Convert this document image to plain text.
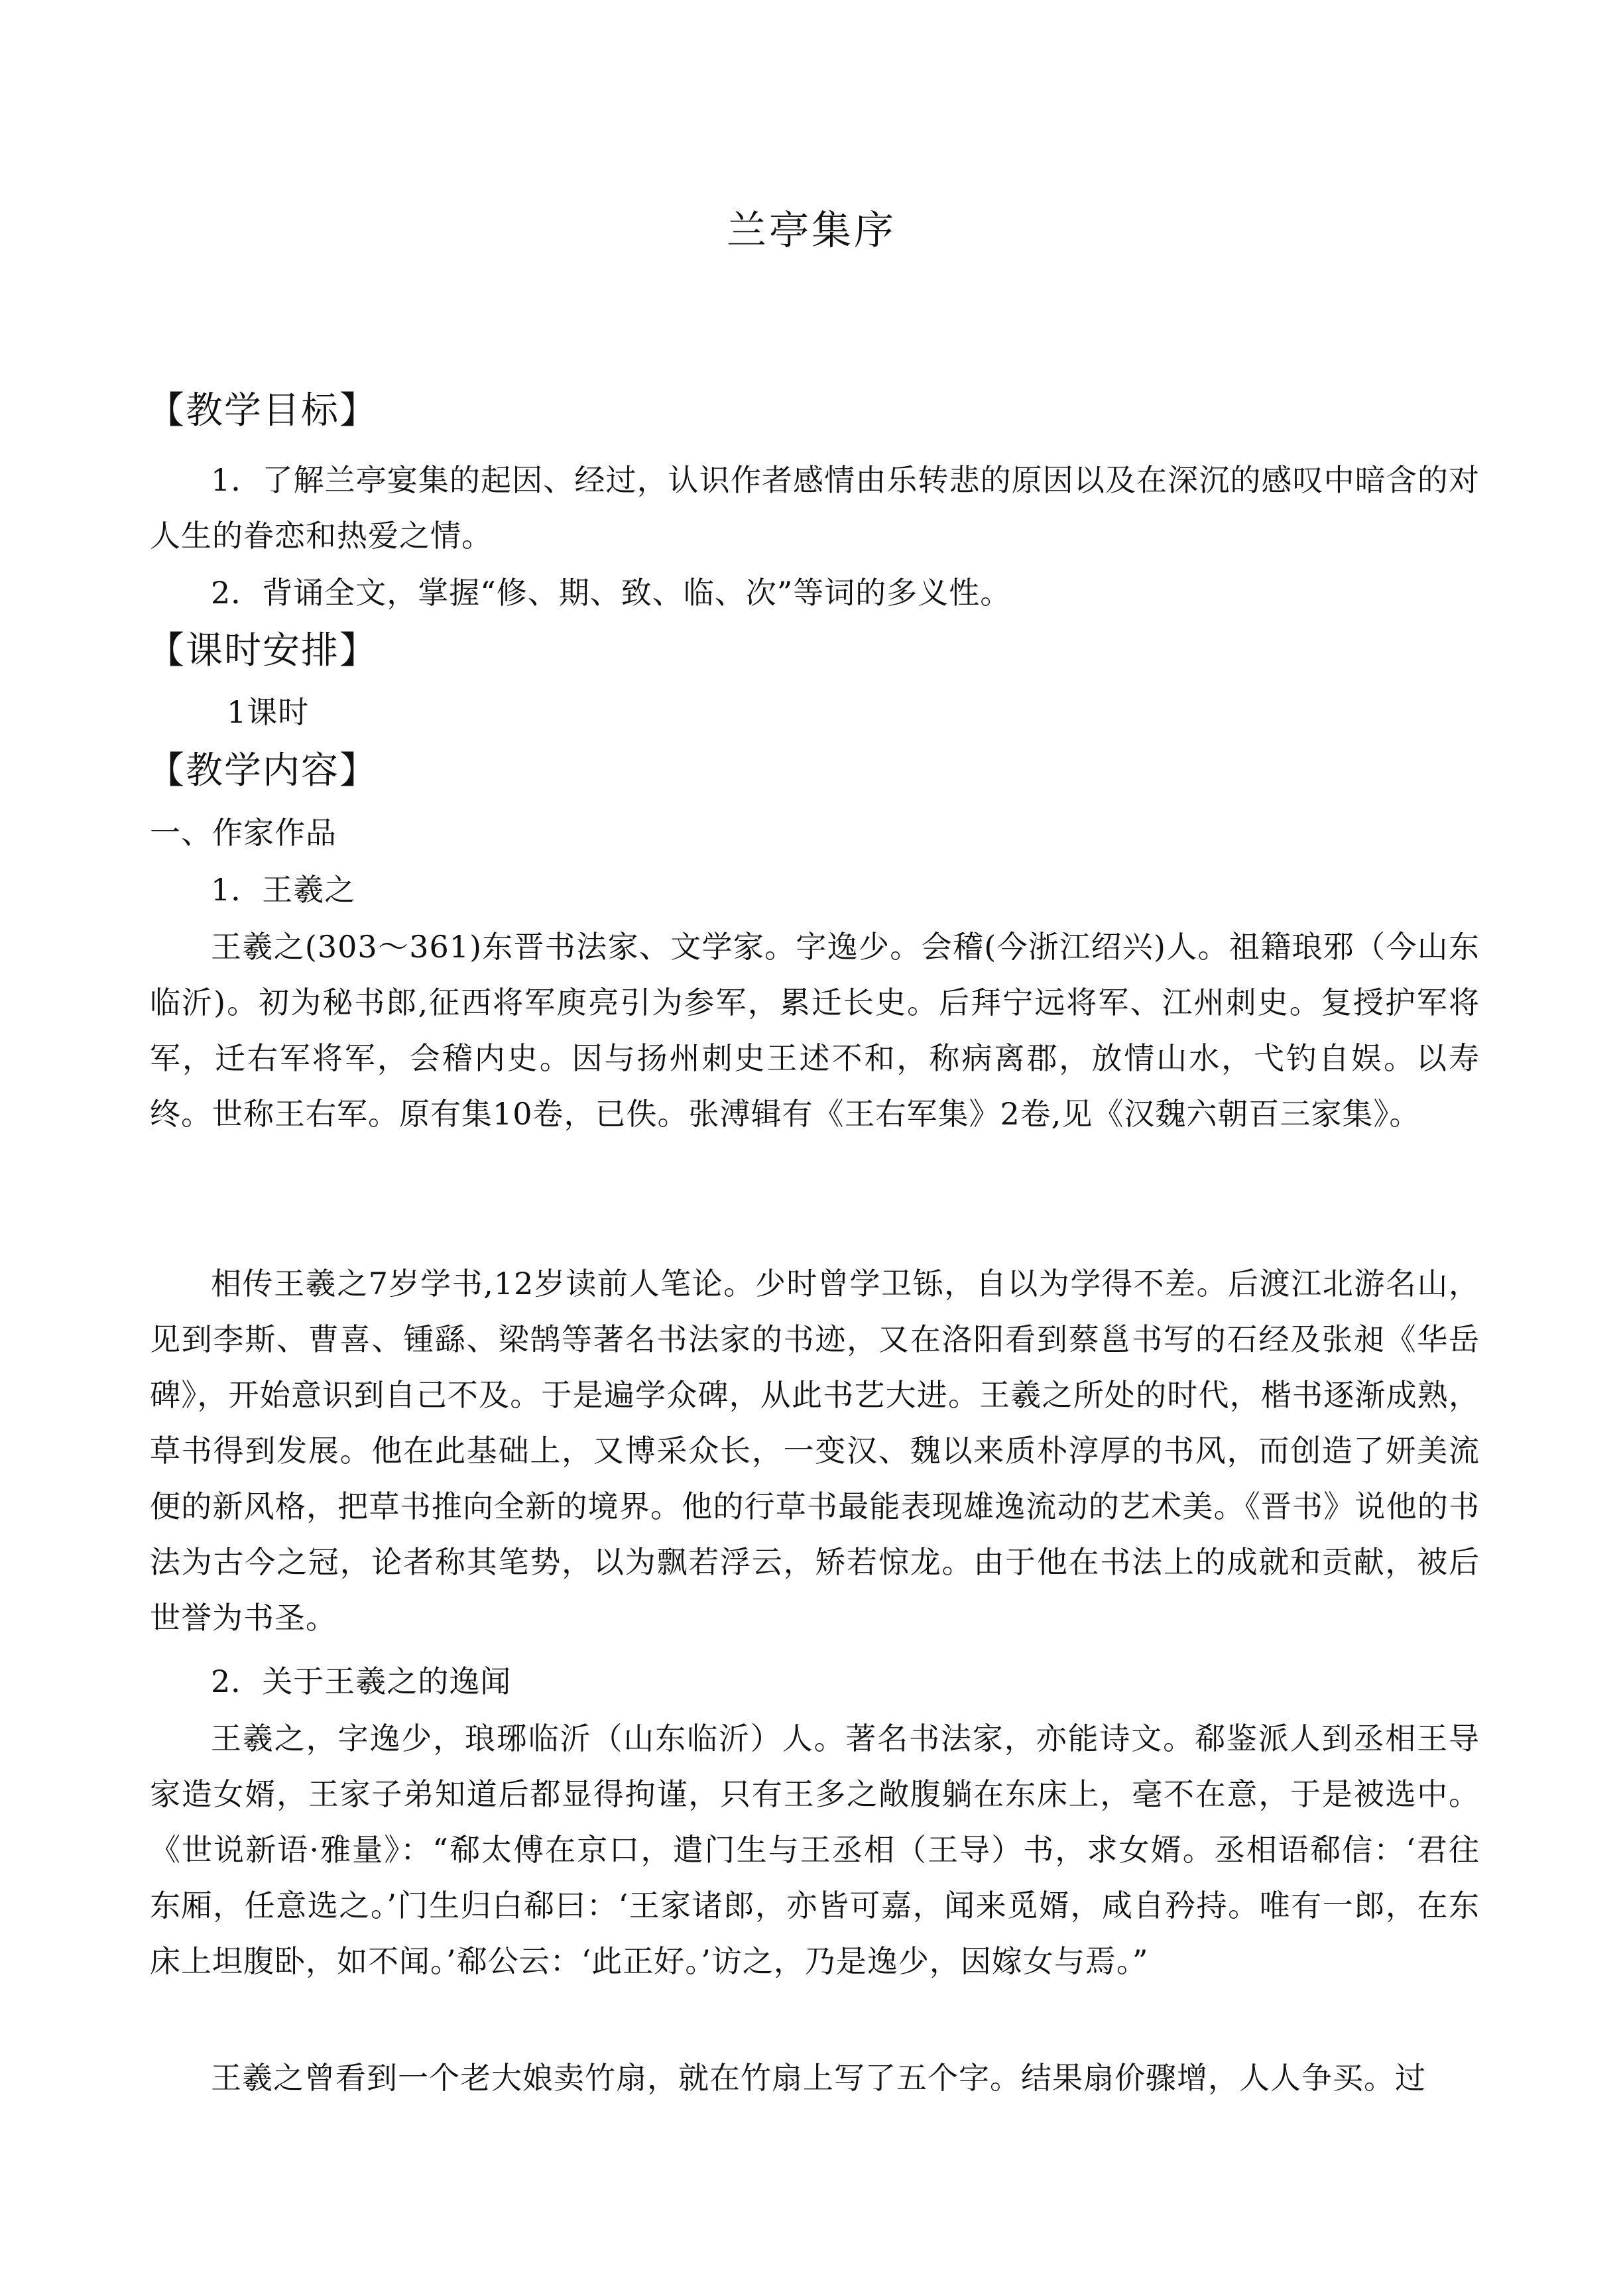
兰亭集序
【教学目标】
1．了解兰亭宴集的起因、经过，认识作者感情由乐转悲的原因以及在深沉的感叹中暗含的对人生的眷恋和热爱之情。
2．背诵全文，掌握“修、期、致、临、次”等词的多义性。
【课时安排】
1课时
【教学内容】
一、作家作品
1．王羲之
王羲之(303～361)东晋书法家、文学家。字逸少。会稽(今浙江绍兴)人。祖籍琅邪（今山东临沂)。初为秘书郎,征西将军庾亮引为参军，累迁长史。后拜宁远将军、江州刺史。复授护军将军，迁右军将军，会稽内史。因与扬州刺史王述不和，称病离郡，放情山水，弋钓自娱。以寿终。世称王右军。原有集10卷，已佚。张溥辑有《王右军集》2卷,见《汉魏六朝百三家集》。
相传王羲之7岁学书,12岁读前人笔论。少时曾学卫铄，自以为学得不差。后渡江北游名山，见到李斯、曹喜、锺繇、梁鹄等著名书法家的书迹，又在洛阳看到蔡邕书写的石经及张昶《华岳碑》，开始意识到自己不及。于是遍学众碑，从此书艺大进。王羲之所处的时代，楷书逐渐成熟，草书得到发展。他在此基础上，又博采众长，一变汉、魏以来质朴淳厚的书风，而创造了妍美流便的新风格，把草书推向全新的境界。他的行草书最能表现雄逸流动的艺术美。《晋书》说他的书法为古今之冠，论者称其笔势，以为飘若浮云，矫若惊龙。由于他在书法上的成就和贡献，被后世誉为书圣。
2．关于王羲之的逸闻
王羲之，字逸少，琅琊临沂（山东临沂）人。著名书法家，亦能诗文。郗鉴派人到丞相王导家造女婿，王家子弟知道后都显得拘谨，只有王多之敞腹躺在东床上，毫不在意，于是被选中。《世说新语·雅量》：“郗太傅在京口，遣门生与王丞相（王导）书，求女婿。丞相语郗信：‘君往东厢，任意选之。’门生归白郗曰：‘王家诸郎，亦皆可嘉，闻来觅婿，咸自矜持。唯有一郎，在东床上坦腹卧，如不闻。’郗公云：‘此正好。’访之，乃是逸少，因嫁女与焉。”
王羲之曾看到一个老大娘卖竹扇，就在竹扇上写了五个字。结果扇价骤增，人人争买。过
